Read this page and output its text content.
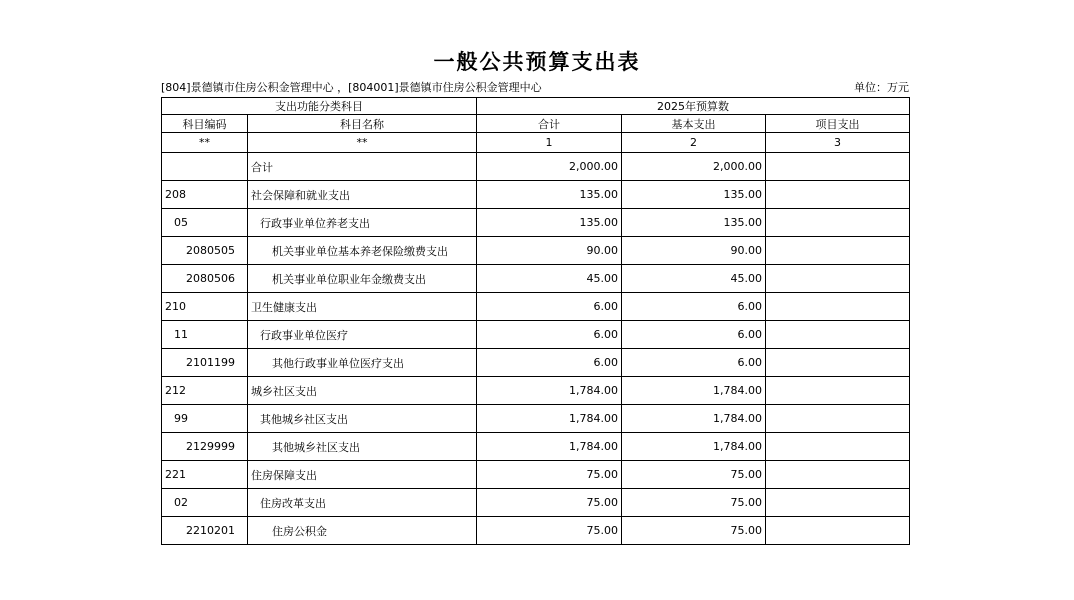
一般公共预算支出表
[804]景德镇市住房公积金管理中心 ，[804001]景德镇市住房公积金管理中心	单位：万元
支出功能分类科目		2025年预算数		
科目编码	科目名称	合计	基本支出	项目支出
**	**	1	2	3
	合计	2,000.00	2,000.00	
208	社会保障和就业支出	135.00	135.00	
05	行政事业单位养老支出	135.00	135.00	
2080505	机关事业单位基本养老保险缴费支出	90.00	90.00	
2080506	机关事业单位职业年金缴费支出	45.00	45.00	
210	卫生健康支出	6.00	6.00	
11	行政事业单位医疗	6.00	6.00	
2101199	其他行政事业单位医疗支出	6.00	6.00	
212	城乡社区支出	1,784.00	1,784.00	
99	其他城乡社区支出	1,784.00	1,784.00	
2129999	其他城乡社区支出	1,784.00	1,784.00	
221	住房保障支出	75.00	75.00	
02	住房改革支出	75.00	75.00	
2210201	住房公积金	75.00	75.00	
